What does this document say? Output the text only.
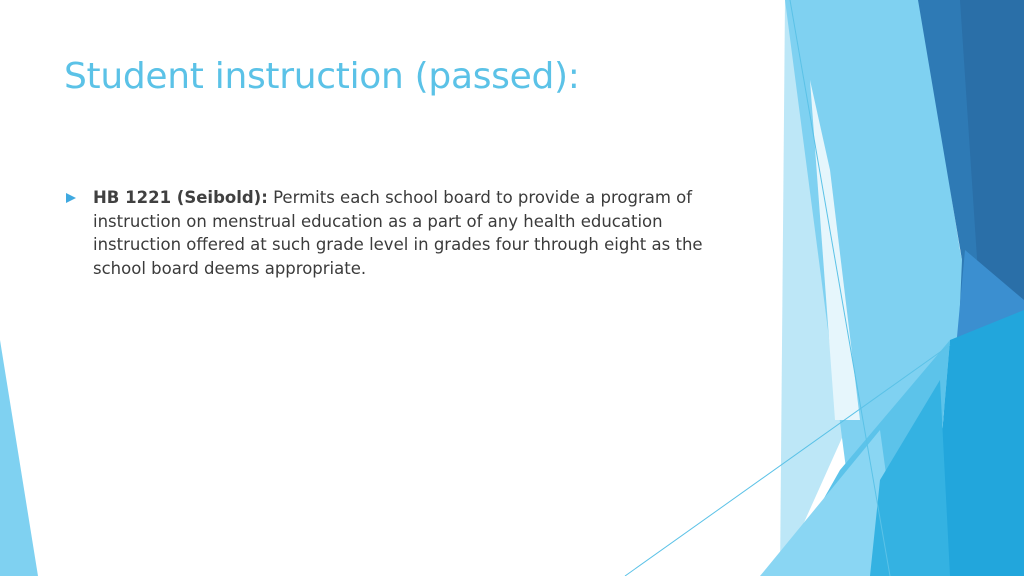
Student instruction (passed):
HB 1221 (Seibold): Permits each school board to provide a program of instruction on menstrual education as a part of any health education instruction offered at such grade level in grades four through eight as the school board deems appropriate.
